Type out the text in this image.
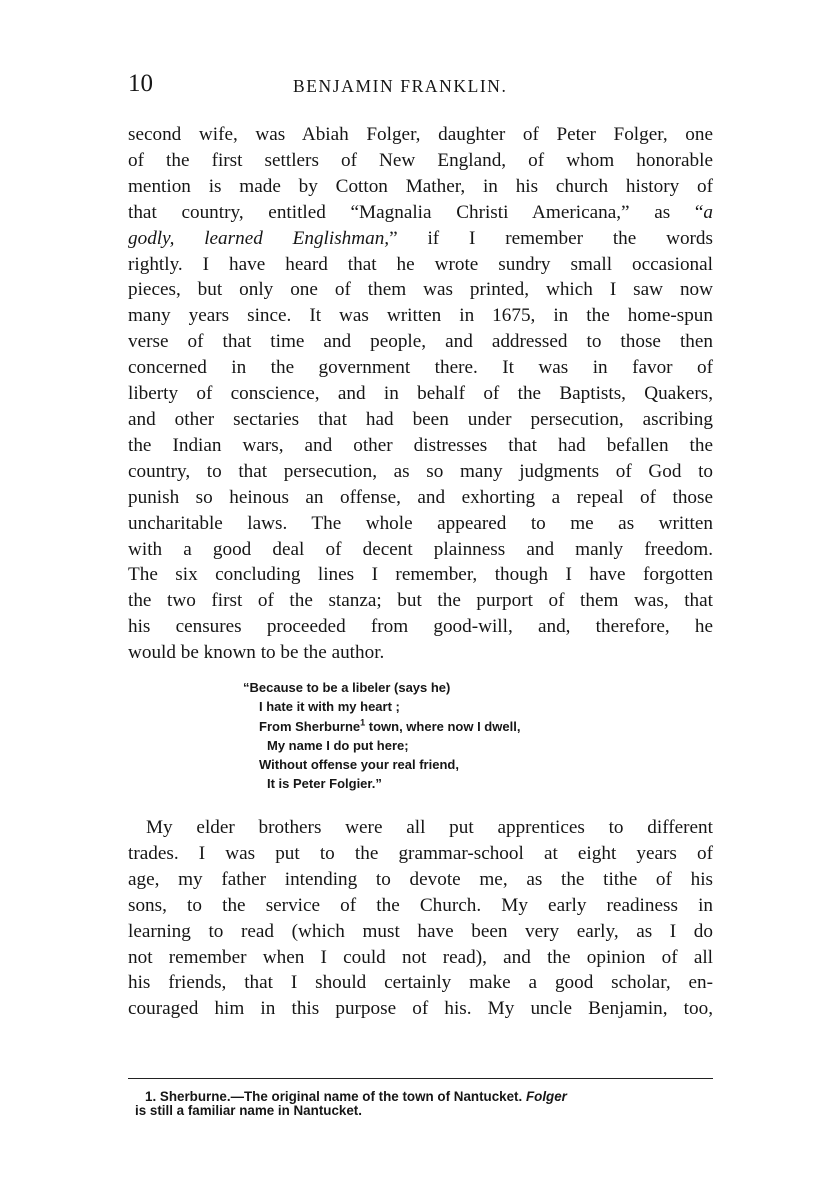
10	BENJAMIN FRANKLIN.
second wife, was Abiah Folger, daughter of Peter Folger, one
of the first settlers of New England, of whom honorable
mention is made by Cotton Mather, in his church history of
that country, entitled “Magnalia Christi Americana,” as “a
godly, learned Englishman,” if I remember the words
rightly. I have heard that he wrote sundry small occasional
pieces, but only one of them was printed, which I saw now
many years since. It was written in 1675, in the home-spun
verse of that time and people, and addressed to those then
concerned in the government there. It was in favor of
liberty of conscience, and in behalf of the Baptists, Quakers,
and other sectaries that had been under persecution, ascribing
the Indian wars, and other distresses that had befallen the
country, to that persecution, as so many judgments of God to
punish so heinous an offense, and exhorting a repeal of those
uncharitable laws. The whole appeared to me as written
with a good deal of decent plainness and manly freedom.
The six concluding lines I remember, though I have forgotten
the two first of the stanza; but the purport of them was, that
his censures proceeded from good-will, and, therefore, he
would be known to be the author.
“Because to be a libeler (says he)
I hate it with my heart ;
From Sherburne$^1$ town, where now I dwell,
My name I do put here;
Without offense your real friend,
It is Peter Folgier.”
My elder brothers were all put apprentices to different
trades. I was put to the grammar-school at eight years of
age, my father intending to devote me, as the tithe of his
sons, to the service of the Church. My early readiness in
learning to read (which must have been very early, as I do
not remember when I could not read), and the opinion of all
his friends, that I should certainly make a good scholar, en-
couraged him in this purpose of his. My uncle Benjamin, too,
1. Sherburne.—The original name of the town of Nantucket. Folger
is still a familiar name in Nantucket.
